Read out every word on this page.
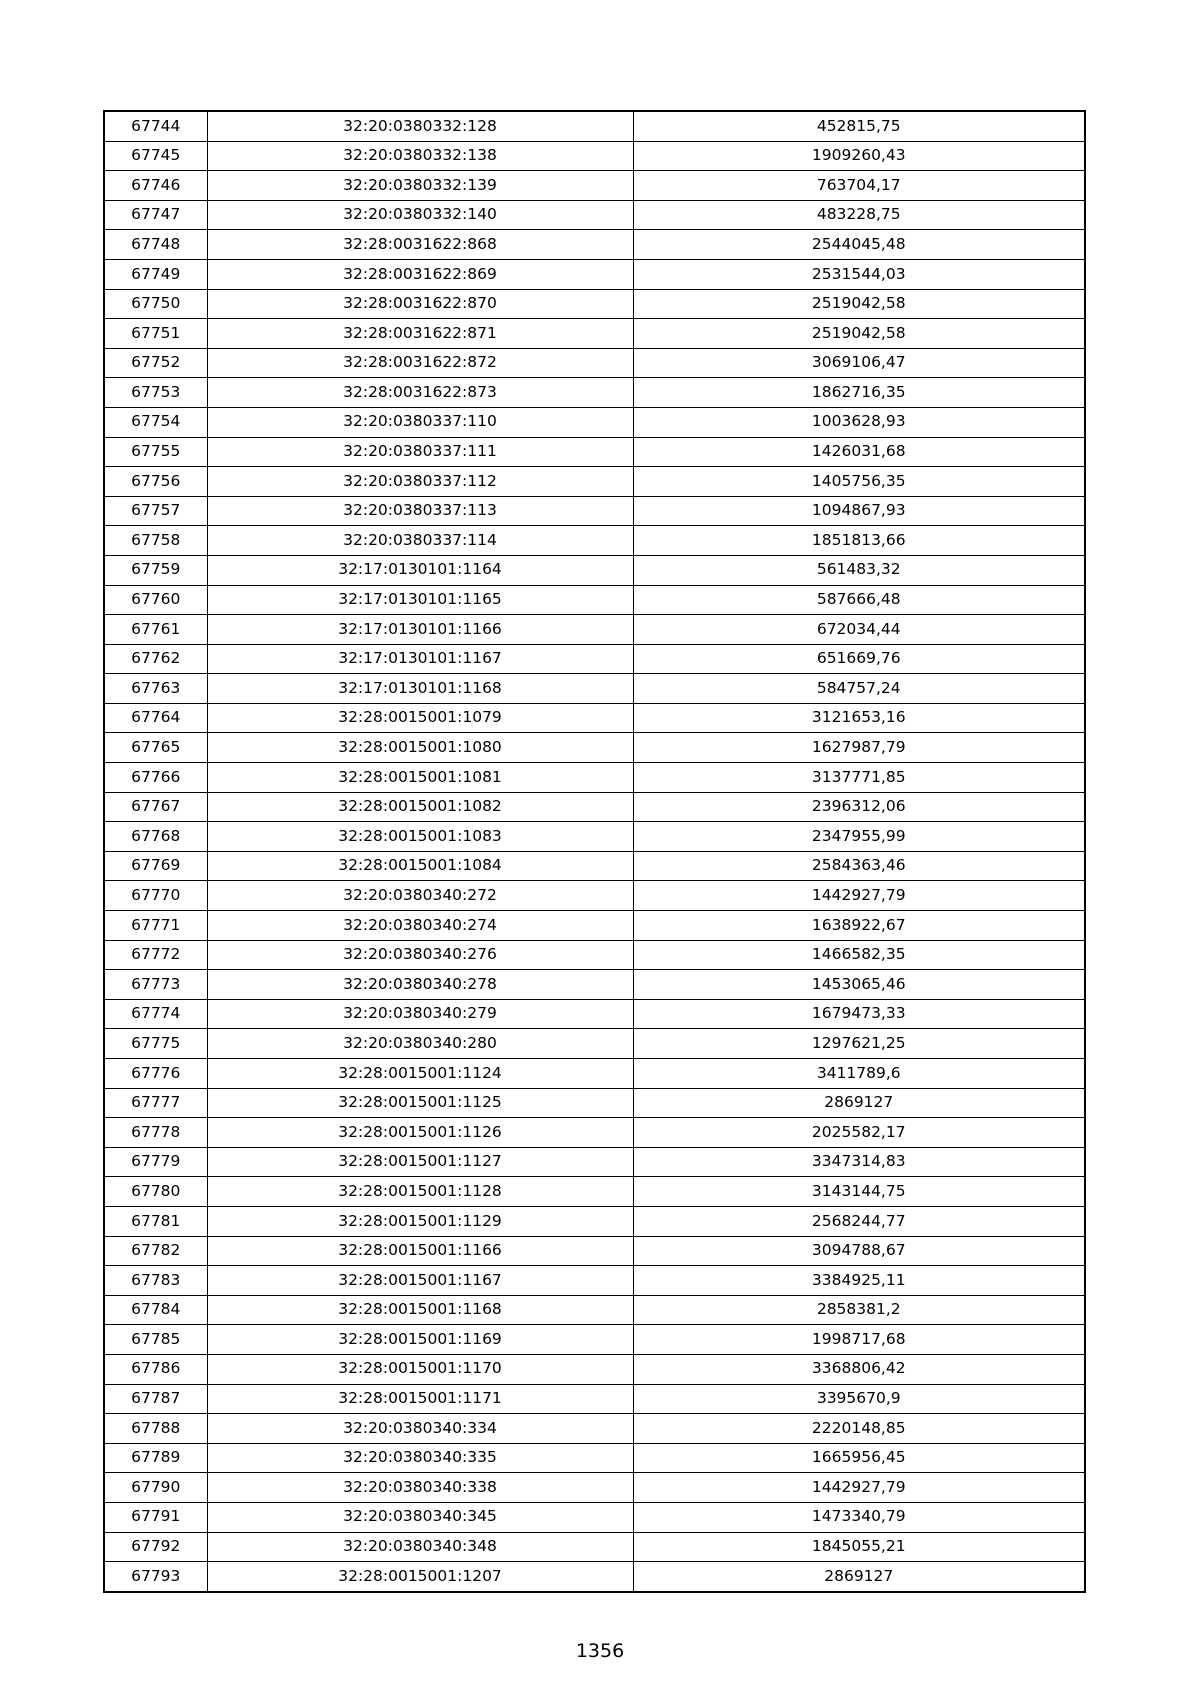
67744	32:20:0380332:128	452815,75
67745	32:20:0380332:138	1909260,43
67746	32:20:0380332:139	763704,17
67747	32:20:0380332:140	483228,75
67748	32:28:0031622:868	2544045,48
67749	32:28:0031622:869	2531544,03
67750	32:28:0031622:870	2519042,58
67751	32:28:0031622:871	2519042,58
67752	32:28:0031622:872	3069106,47
67753	32:28:0031622:873	1862716,35
67754	32:20:0380337:110	1003628,93
67755	32:20:0380337:111	1426031,68
67756	32:20:0380337:112	1405756,35
67757	32:20:0380337:113	1094867,93
67758	32:20:0380337:114	1851813,66
67759	32:17:0130101:1164	561483,32
67760	32:17:0130101:1165	587666,48
67761	32:17:0130101:1166	672034,44
67762	32:17:0130101:1167	651669,76
67763	32:17:0130101:1168	584757,24
67764	32:28:0015001:1079	3121653,16
67765	32:28:0015001:1080	1627987,79
67766	32:28:0015001:1081	3137771,85
67767	32:28:0015001:1082	2396312,06
67768	32:28:0015001:1083	2347955,99
67769	32:28:0015001:1084	2584363,46
67770	32:20:0380340:272	1442927,79
67771	32:20:0380340:274	1638922,67
67772	32:20:0380340:276	1466582,35
67773	32:20:0380340:278	1453065,46
67774	32:20:0380340:279	1679473,33
67775	32:20:0380340:280	1297621,25
67776	32:28:0015001:1124	3411789,6
67777	32:28:0015001:1125	2869127
67778	32:28:0015001:1126	2025582,17
67779	32:28:0015001:1127	3347314,83
67780	32:28:0015001:1128	3143144,75
67781	32:28:0015001:1129	2568244,77
67782	32:28:0015001:1166	3094788,67
67783	32:28:0015001:1167	3384925,11
67784	32:28:0015001:1168	2858381,2
67785	32:28:0015001:1169	1998717,68
67786	32:28:0015001:1170	3368806,42
67787	32:28:0015001:1171	3395670,9
67788	32:20:0380340:334	2220148,85
67789	32:20:0380340:335	1665956,45
67790	32:20:0380340:338	1442927,79
67791	32:20:0380340:345	1473340,79
67792	32:20:0380340:348	1845055,21
67793	32:28:0015001:1207	2869127
1356
